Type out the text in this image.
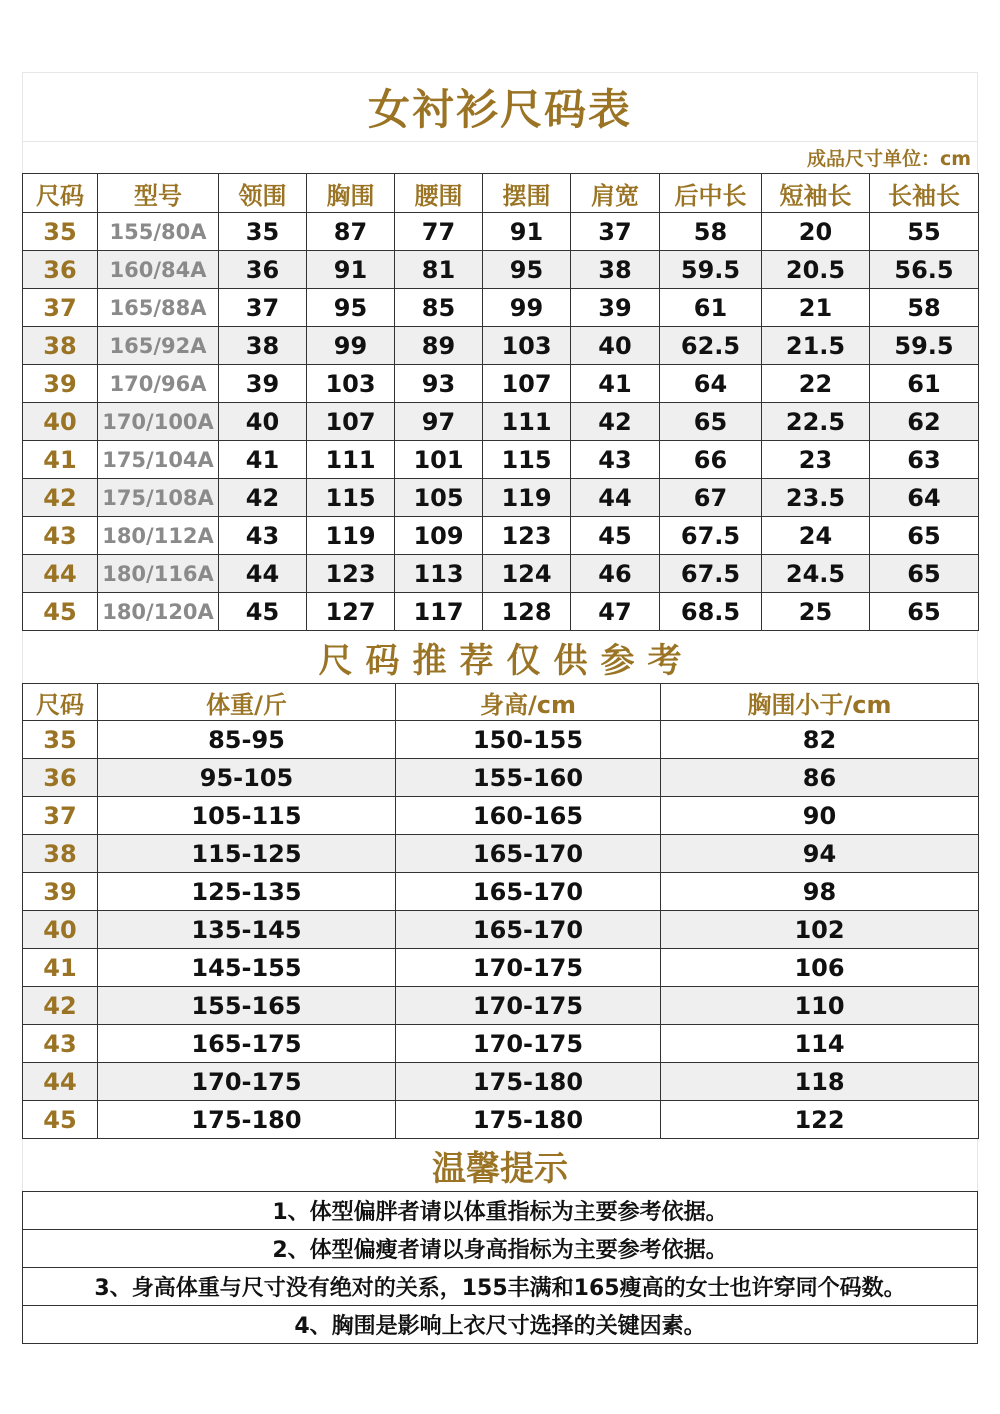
女衬衫尺码表
成品尺寸单位：cm
尺码	型号	领围	胸围	腰围	摆围	肩宽	后中长	短袖长	长袖长
35	155/80A	35	87	77	91	37	58	20	55
36	160/84A	36	91	81	95	38	59.5	20.5	56.5
37	165/88A	37	95	85	99	39	61	21	58
38	165/92A	38	99	89	103	40	62.5	21.5	59.5
39	170/96A	39	103	93	107	41	64	22	61
40	170/100A	40	107	97	111	42	65	22.5	62
41	175/104A	41	111	101	115	43	66	23	63
42	175/108A	42	115	105	119	44	67	23.5	64
43	180/112A	43	119	109	123	45	67.5	24	65
44	180/116A	44	123	113	124	46	67.5	24.5	65
45	180/120A	45	127	117	128	47	68.5	25	65
尺码推荐仅供参考
尺码	体重/斤	身高/cm	胸围小于/cm
35	85-95	150-155	82
36	95-105	155-160	86
37	105-115	160-165	90
38	115-125	165-170	94
39	125-135	165-170	98
40	135-145	165-170	102
41	145-155	170-175	106
42	155-165	170-175	110
43	165-175	170-175	114
44	170-175	175-180	118
45	175-180	175-180	122
温馨提示
1、体型偏胖者请以体重指标为主要参考依据。
2、体型偏瘦者请以身高指标为主要参考依据。
3、身高体重与尺寸没有绝对的关系，155丰满和165瘦高的女士也许穿同个码数。
4、胸围是影响上衣尺寸选择的关键因素。
